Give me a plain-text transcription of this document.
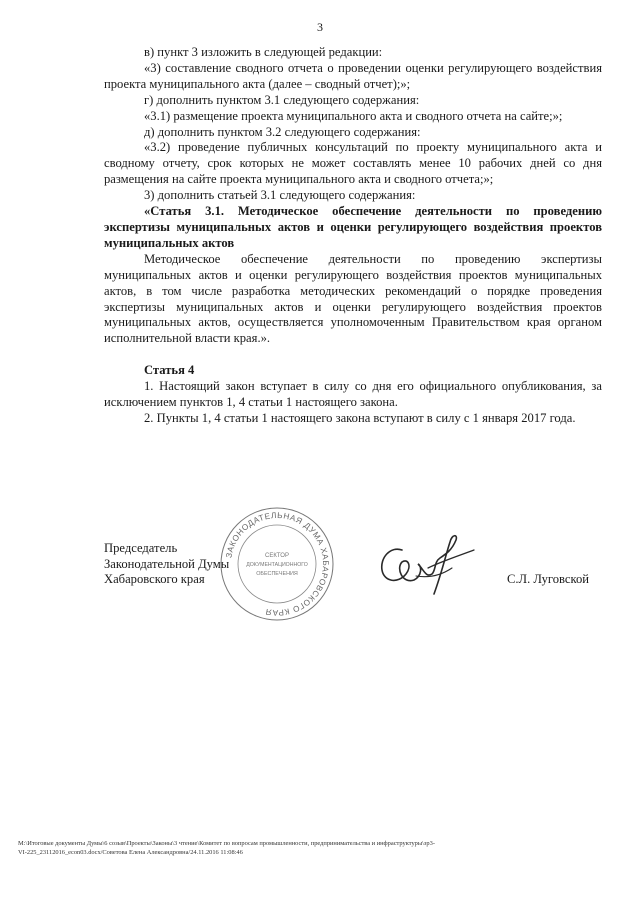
3

в) пункт 3 изложить в следующей редакции:

«3) составление сводного отчета о проведении оценки регулирующего воздействия проекта муниципального акта (далее – сводный отчет);»;

г) дополнить пунктом 3.1 следующего содержания:

«3.1) размещение проекта муниципального акта и сводного отчета на сайте;»;

д) дополнить пунктом 3.2 следующего содержания:

«3.2) проведение публичных консультаций по проекту муниципального акта и сводному отчету, срок которых не может составлять менее 10 рабочих дней со дня размещения на сайте проекта муниципального акта и сводного отчета;»;

3) дополнить статьей 3.1 следующего содержания:

«Статья 3.1. Методическое обеспечение деятельности по проведению экспертизы муниципальных актов и оценки регулирующего воздействия проектов муниципальных актов

Методическое обеспечение деятельности по проведению экспертизы муниципальных актов и оценки регулирующего воздействия проектов муниципальных актов, в том числе разработка методических рекомендаций о порядке проведения экспертизы муниципальных актов и оценки регулирующего воздействия проектов муниципальных актов, осуществляется уполномоченным Правительством края органом исполнительной власти края.».

Статья 4

1. Настоящий закон вступает в силу со дня его официального опубликования, за исключением пунктов 1, 4 статьи 1 настоящего закона.

2. Пункты 1, 4 статьи 1 настоящего закона вступают в силу с 1 января 2017 года.

Председатель
Законодательной Думы
Хабаровского края	С.Л. Луговской
ЗАКОНОДАТЕЛЬНАЯ ДУМА ХАБАРОВСКОГО КРАЯ
СЕКТОР
ДОКУМЕНТАЦИОННОГО
ОБЕСПЕЧЕНИЯ
M:\Итоговые документы Думы\6 созыв\Проекты\Законы\3 чтение\Комитет по вопросам промышленности, предпринимательства и инфраструктуры\зр3-
VI-225_23112016_econ03.docx/Советова Елена Александровна/24.11.2016 11:08:46
